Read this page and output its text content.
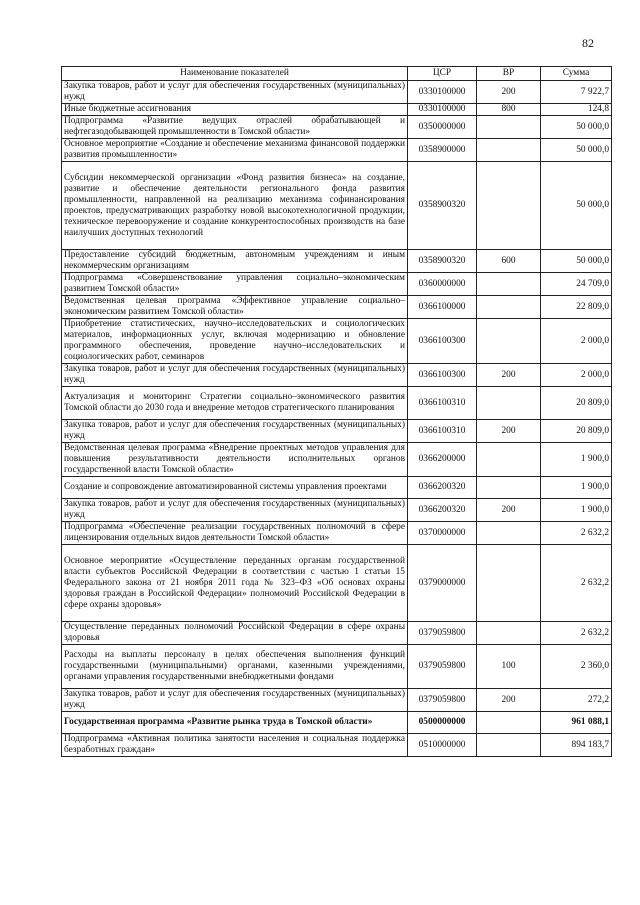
82
Наименование показателей	ЦСР	ВР	Сумма
Закупка товаров, работ и услуг для обеспечения государственных (муниципальных) нужд	0330100000	200	7 922,7
Иные бюджетные ассигнования	0330100000	800	124,8
Подпрограмма «Развитие ведущих отраслей обрабатывающей и нефтегазодобывающей промышленности в Томской области»	0350000000		50 000,0
Основное мероприятие «Создание и обеспечение механизма финансовой поддержки развития промышленности»	0358900000		50 000,0
Субсидии некоммерческой организации «Фонд развития бизнеса» на создание, развитие и обеспечение деятельности регионального фонда развития промышленности, направленной на реализацию механизма софинансирования проектов, предусматривающих разработку новой высокотехнологичной продукции, техническое перевооружение и создание конкурентоспособных производств на базе наилучших доступных технологий	0358900320		50 000,0
Предоставление субсидий бюджетным, автономным учреждениям и иным некоммерческим организациям	0358900320	600	50 000,0
Подпрограмма «Совершенствование управления социально–экономическим развитием Томской области»	0360000000		24 709,0
Ведомственная целевая программа «Эффективное управление социально–экономическим развитием Томской области»	0366100000		22 809,0
Приобретение статистических, научно–исследовательских и социологических материалов, информационных услуг, включая модернизацию и обновление программного обеспечения, проведение научно–исследовательских и социологических работ, семинаров	0366100300		2 000,0
Закупка товаров, работ и услуг для обеспечения государственных (муниципальных) нужд	0366100300	200	2 000,0
Актуализация и мониторинг Стратегии социально–экономического развития Томской области до 2030 года и внедрение методов стратегического планирования	0366100310		20 809,0
Закупка товаров, работ и услуг для обеспечения государственных (муниципальных) нужд	0366100310	200	20 809,0
Ведомственная целевая программа «Внедрение проектных методов управления для повышения результативности деятельности исполнительных органов государственной власти Томской области»	0366200000		1 900,0
Создание и сопровождение автоматизированной системы управления проектами	0366200320		1 900,0
Закупка товаров, работ и услуг для обеспечения государственных (муниципальных) нужд	0366200320	200	1 900,0
Подпрограмма «Обеспечение реализации государственных полномочий в сфере лицензирования отдельных видов деятельности Томской области»	0370000000		2 632,2
Основное мероприятие «Осуществление переданных органам государственной власти субъектов Российской Федерации в соответствии с частью 1 статьи 15 Федерального закона от 21 ноября 2011 года № 323–ФЗ «Об основах охраны здоровья граждан в Российской Федерации» полномочий Российской Федерации в сфере охраны здоровья»	0379000000		2 632,2
Осуществление переданных полномочий Российской Федерации в сфере охраны здоровья	0379059800		2 632,2
Расходы на выплаты персоналу в целях обеспечения выполнения функций государственными (муниципальными) органами, казенными учреждениями, органами управления государственными внебюджетными фондами	0379059800	100	2 360,0
Закупка товаров, работ и услуг для обеспечения государственных (муниципальных) нужд	0379059800	200	272,2
Государственная программа «Развитие рынка труда в Томской области»	0500000000		961 088,1
Подпрограмма «Активная политика занятости населения и социальная поддержка безработных граждан»	0510000000		894 183,7
